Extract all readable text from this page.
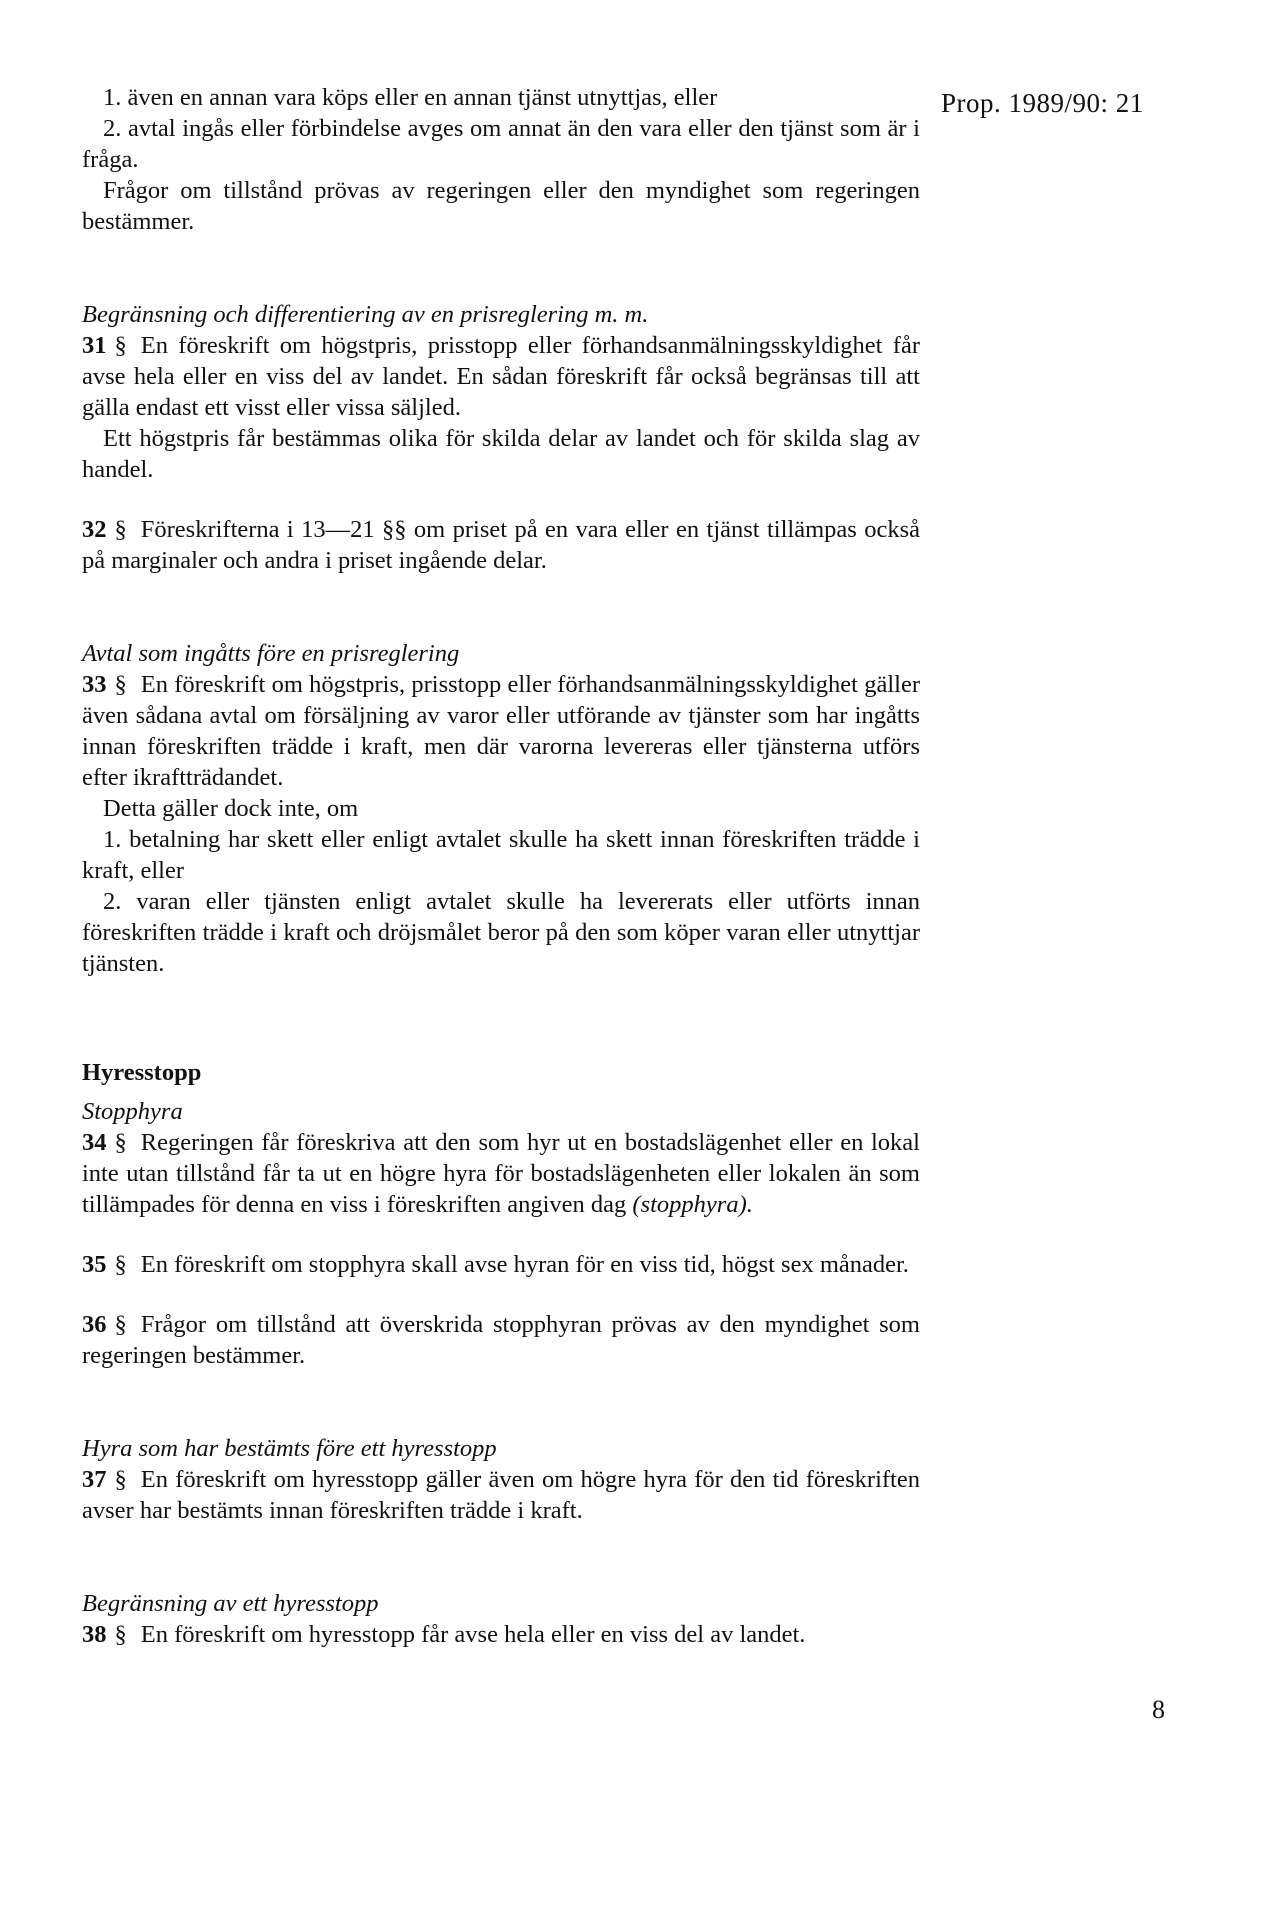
Prop. 1989/90: 21

1. även en annan vara köps eller en annan tjänst utnyttjas, eller

2. avtal ingås eller förbindelse avges om annat än den vara eller den tjänst som är i fråga.

Frågor om tillstånd prövas av regeringen eller den myndighet som regeringen bestämmer.

Begränsning och differentiering av en prisreglering m. m.

31 § En föreskrift om högstpris, prisstopp eller förhandsanmälningsskyldighet får avse hela eller en viss del av landet. En sådan föreskrift får också begränsas till att gälla endast ett visst eller vissa säljled.

Ett högstpris får bestämmas olika för skilda delar av landet och för skilda slag av handel.

32 § Föreskrifterna i 13—21 §§ om priset på en vara eller en tjänst tillämpas också på marginaler och andra i priset ingående delar.

Avtal som ingåtts före en prisreglering

33 § En föreskrift om högstpris, prisstopp eller förhandsanmälningsskyldighet gäller även sådana avtal om försäljning av varor eller utförande av tjänster som har ingåtts innan föreskriften trädde i kraft, men där varorna levereras eller tjänsterna utförs efter ikraftträdandet.

Detta gäller dock inte, om

1. betalning har skett eller enligt avtalet skulle ha skett innan föreskriften trädde i kraft, eller

2. varan eller tjänsten enligt avtalet skulle ha levererats eller utförts innan föreskriften trädde i kraft och dröjsmålet beror på den som köper varan eller utnyttjar tjänsten.

Hyresstopp

Stopphyra

34 § Regeringen får föreskriva att den som hyr ut en bostadslägenhet eller en lokal inte utan tillstånd får ta ut en högre hyra för bostadslägenheten eller lokalen än som tillämpades för denna en viss i föreskriften angiven dag (stopphyra).

35 § En föreskrift om stopphyra skall avse hyran för en viss tid, högst sex månader.

36 § Frågor om tillstånd att överskrida stopphyran prövas av den myndighet som regeringen bestämmer.

Hyra som har bestämts före ett hyresstopp

37 § En föreskrift om hyresstopp gäller även om högre hyra för den tid föreskriften avser har bestämts innan föreskriften trädde i kraft.

Begränsning av ett hyresstopp

38 § En föreskrift om hyresstopp får avse hela eller en viss del av landet.

8
